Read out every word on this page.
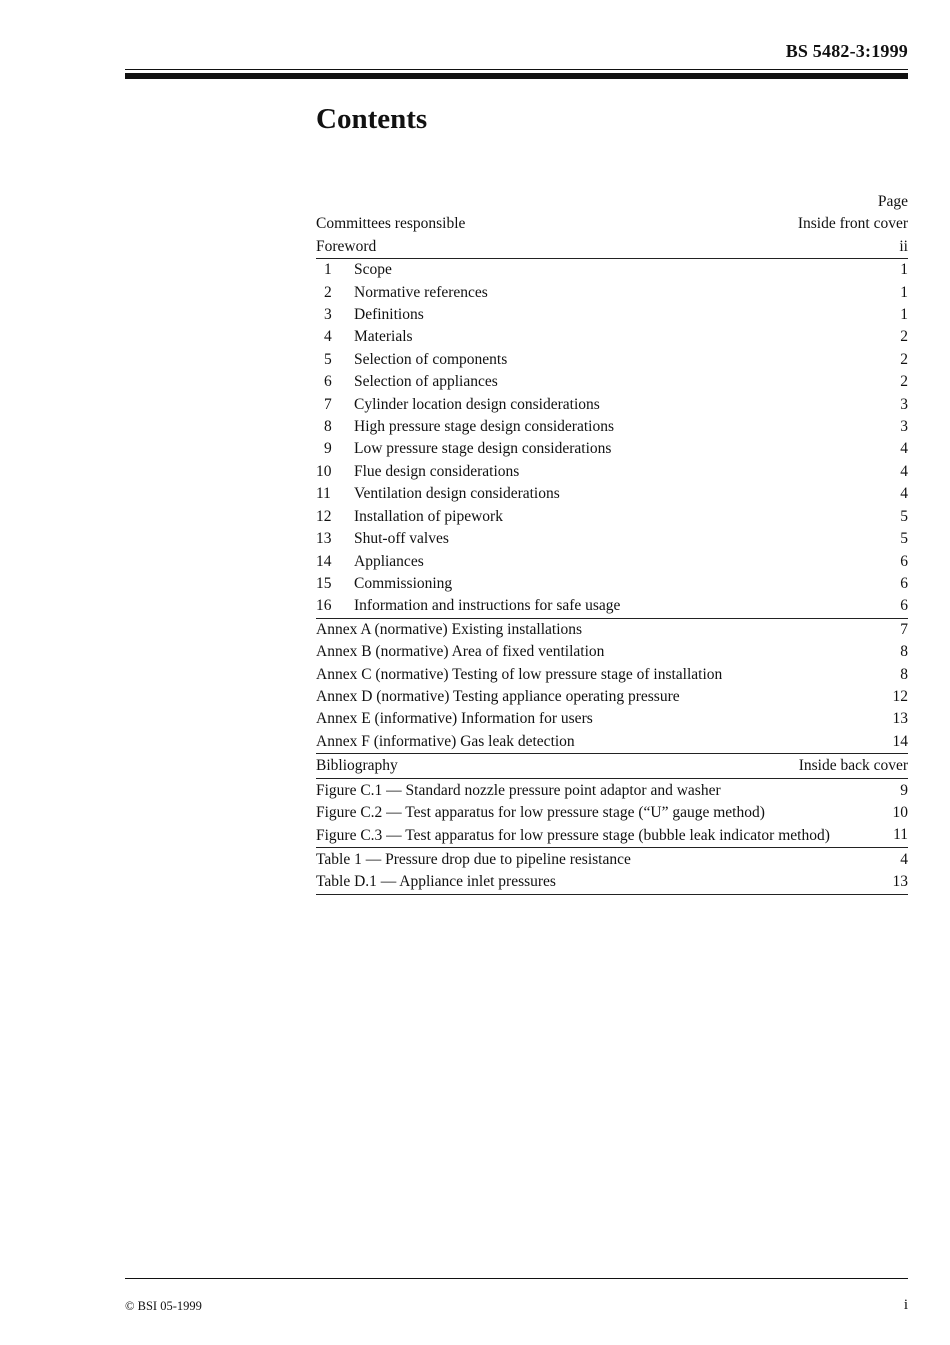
BS 5482-3:1999
Contents
Page
Committees responsible	Inside front cover
Foreword	ii
1 Scope	1
2 Normative references	1
3 Definitions	1
4 Materials	2
5 Selection of components	2
6 Selection of appliances	2
7 Cylinder location design considerations	3
8 High pressure stage design considerations	3
9 Low pressure stage design considerations	4
10 Flue design considerations	4
11 Ventilation design considerations	4
12 Installation of pipework	5
13 Shut-off valves	5
14 Appliances	6
15 Commissioning	6
16 Information and instructions for safe usage	6
Annex A (normative) Existing installations	7
Annex B (normative) Area of fixed ventilation	8
Annex C (normative) Testing of low pressure stage of installation	8
Annex D (normative) Testing appliance operating pressure	12
Annex E (informative) Information for users	13
Annex F (informative) Gas leak detection	14
Bibliography	Inside back cover
Figure C.1 — Standard nozzle pressure point adaptor and washer	9
Figure C.2 — Test apparatus for low pressure stage (“U” gauge method)	10
Figure C.3 — Test apparatus for low pressure stage (bubble leak indicator method)	11
Table 1 — Pressure drop due to pipeline resistance	4
Table D.1 — Appliance inlet pressures	13
© BSI 05-1999	i
